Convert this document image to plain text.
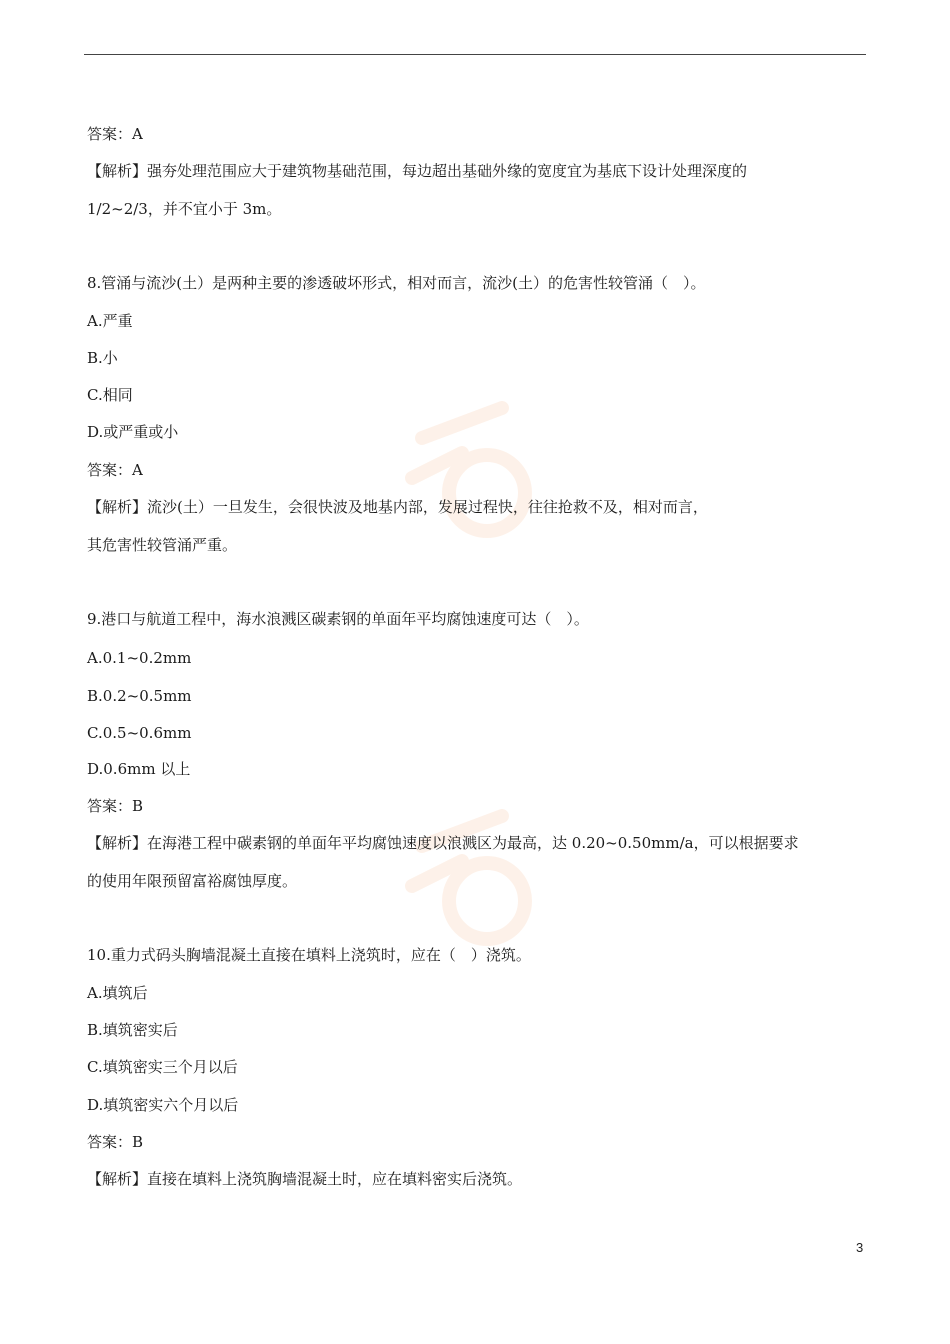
答案：A
【解析】强夯处理范围应大于建筑物基础范围，每边超出基础外缘的宽度宜为基底下设计处理深度的
1/2~2/3，并不宜小于 3m。
8.管涌与流沙(土）是两种主要的渗透破坏形式，相对而言，流沙(土）的危害性较管涌（　）。
A.严重
B.小
C.相同
D.或严重或小
答案：A
【解析】流沙(土）一旦发生，会很快波及地基内部，发展过程快，往往抢救不及，相对而言，
其危害性较管涌严重。
9.港口与航道工程中，海水浪溅区碳素钢的单面年平均腐蚀速度可达（　）。
A.0.1~0.2mm
B.0.2~0.5mm
C.0.5~0.6mm
D.0.6mm 以上
答案：B
【解析】在海港工程中碳素钢的单面年平均腐蚀速度以浪溅区为最高，达 0.20~0.50mm/a，可以根据要求
的使用年限预留富裕腐蚀厚度。
10.重力式码头胸墙混凝土直接在填料上浇筑时，应在（　）浇筑。
A.填筑后
B.填筑密实后
C.填筑密实三个月以后
D.填筑密实六个月以后
答案：B
【解析】直接在填料上浇筑胸墙混凝土时，应在填料密实后浇筑。
3
